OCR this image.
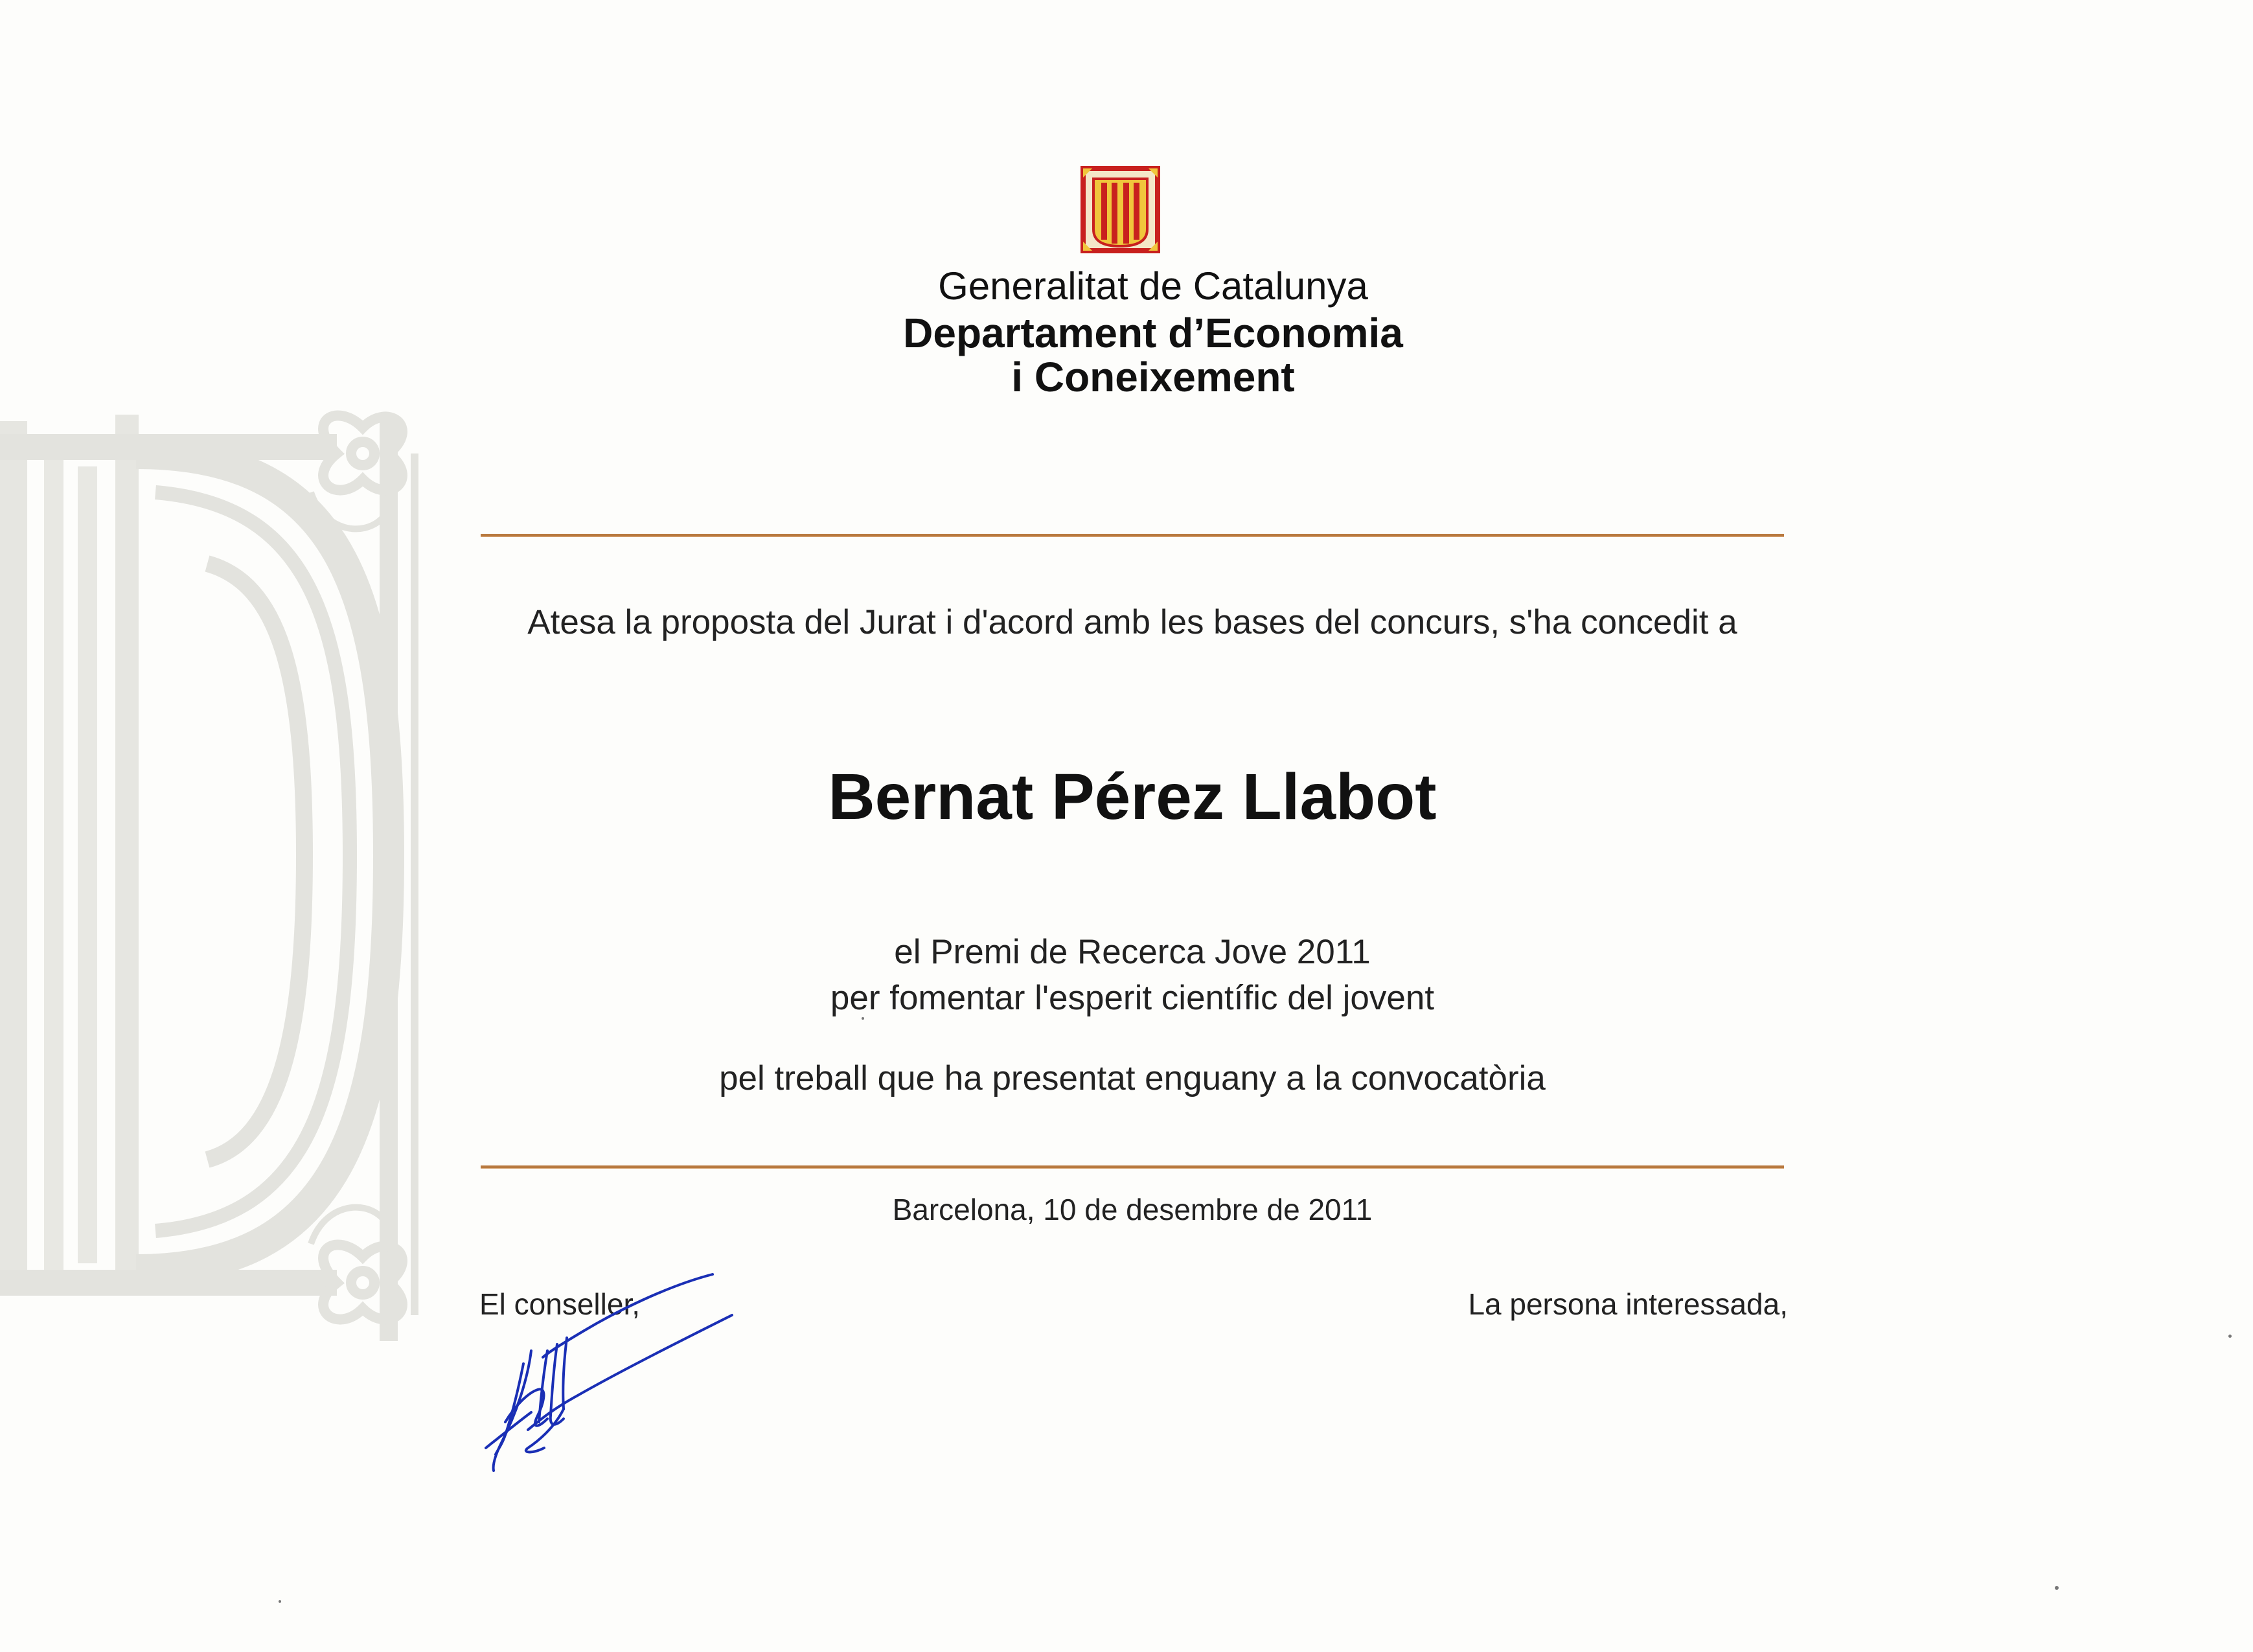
Generalitat de Catalunya
Departament d’Economia
i Coneixement
Atesa la proposta del Jurat i d'acord amb les bases del concurs, s'ha concedit a
Bernat Pérez Llabot
el Premi de Recerca Jove 2011
per fomentar l'esperit científic del jovent
pel treball que ha presentat enguany a la convocatòria
Barcelona, 10 de desembre de 2011
El conseller,	La persona interessada,
